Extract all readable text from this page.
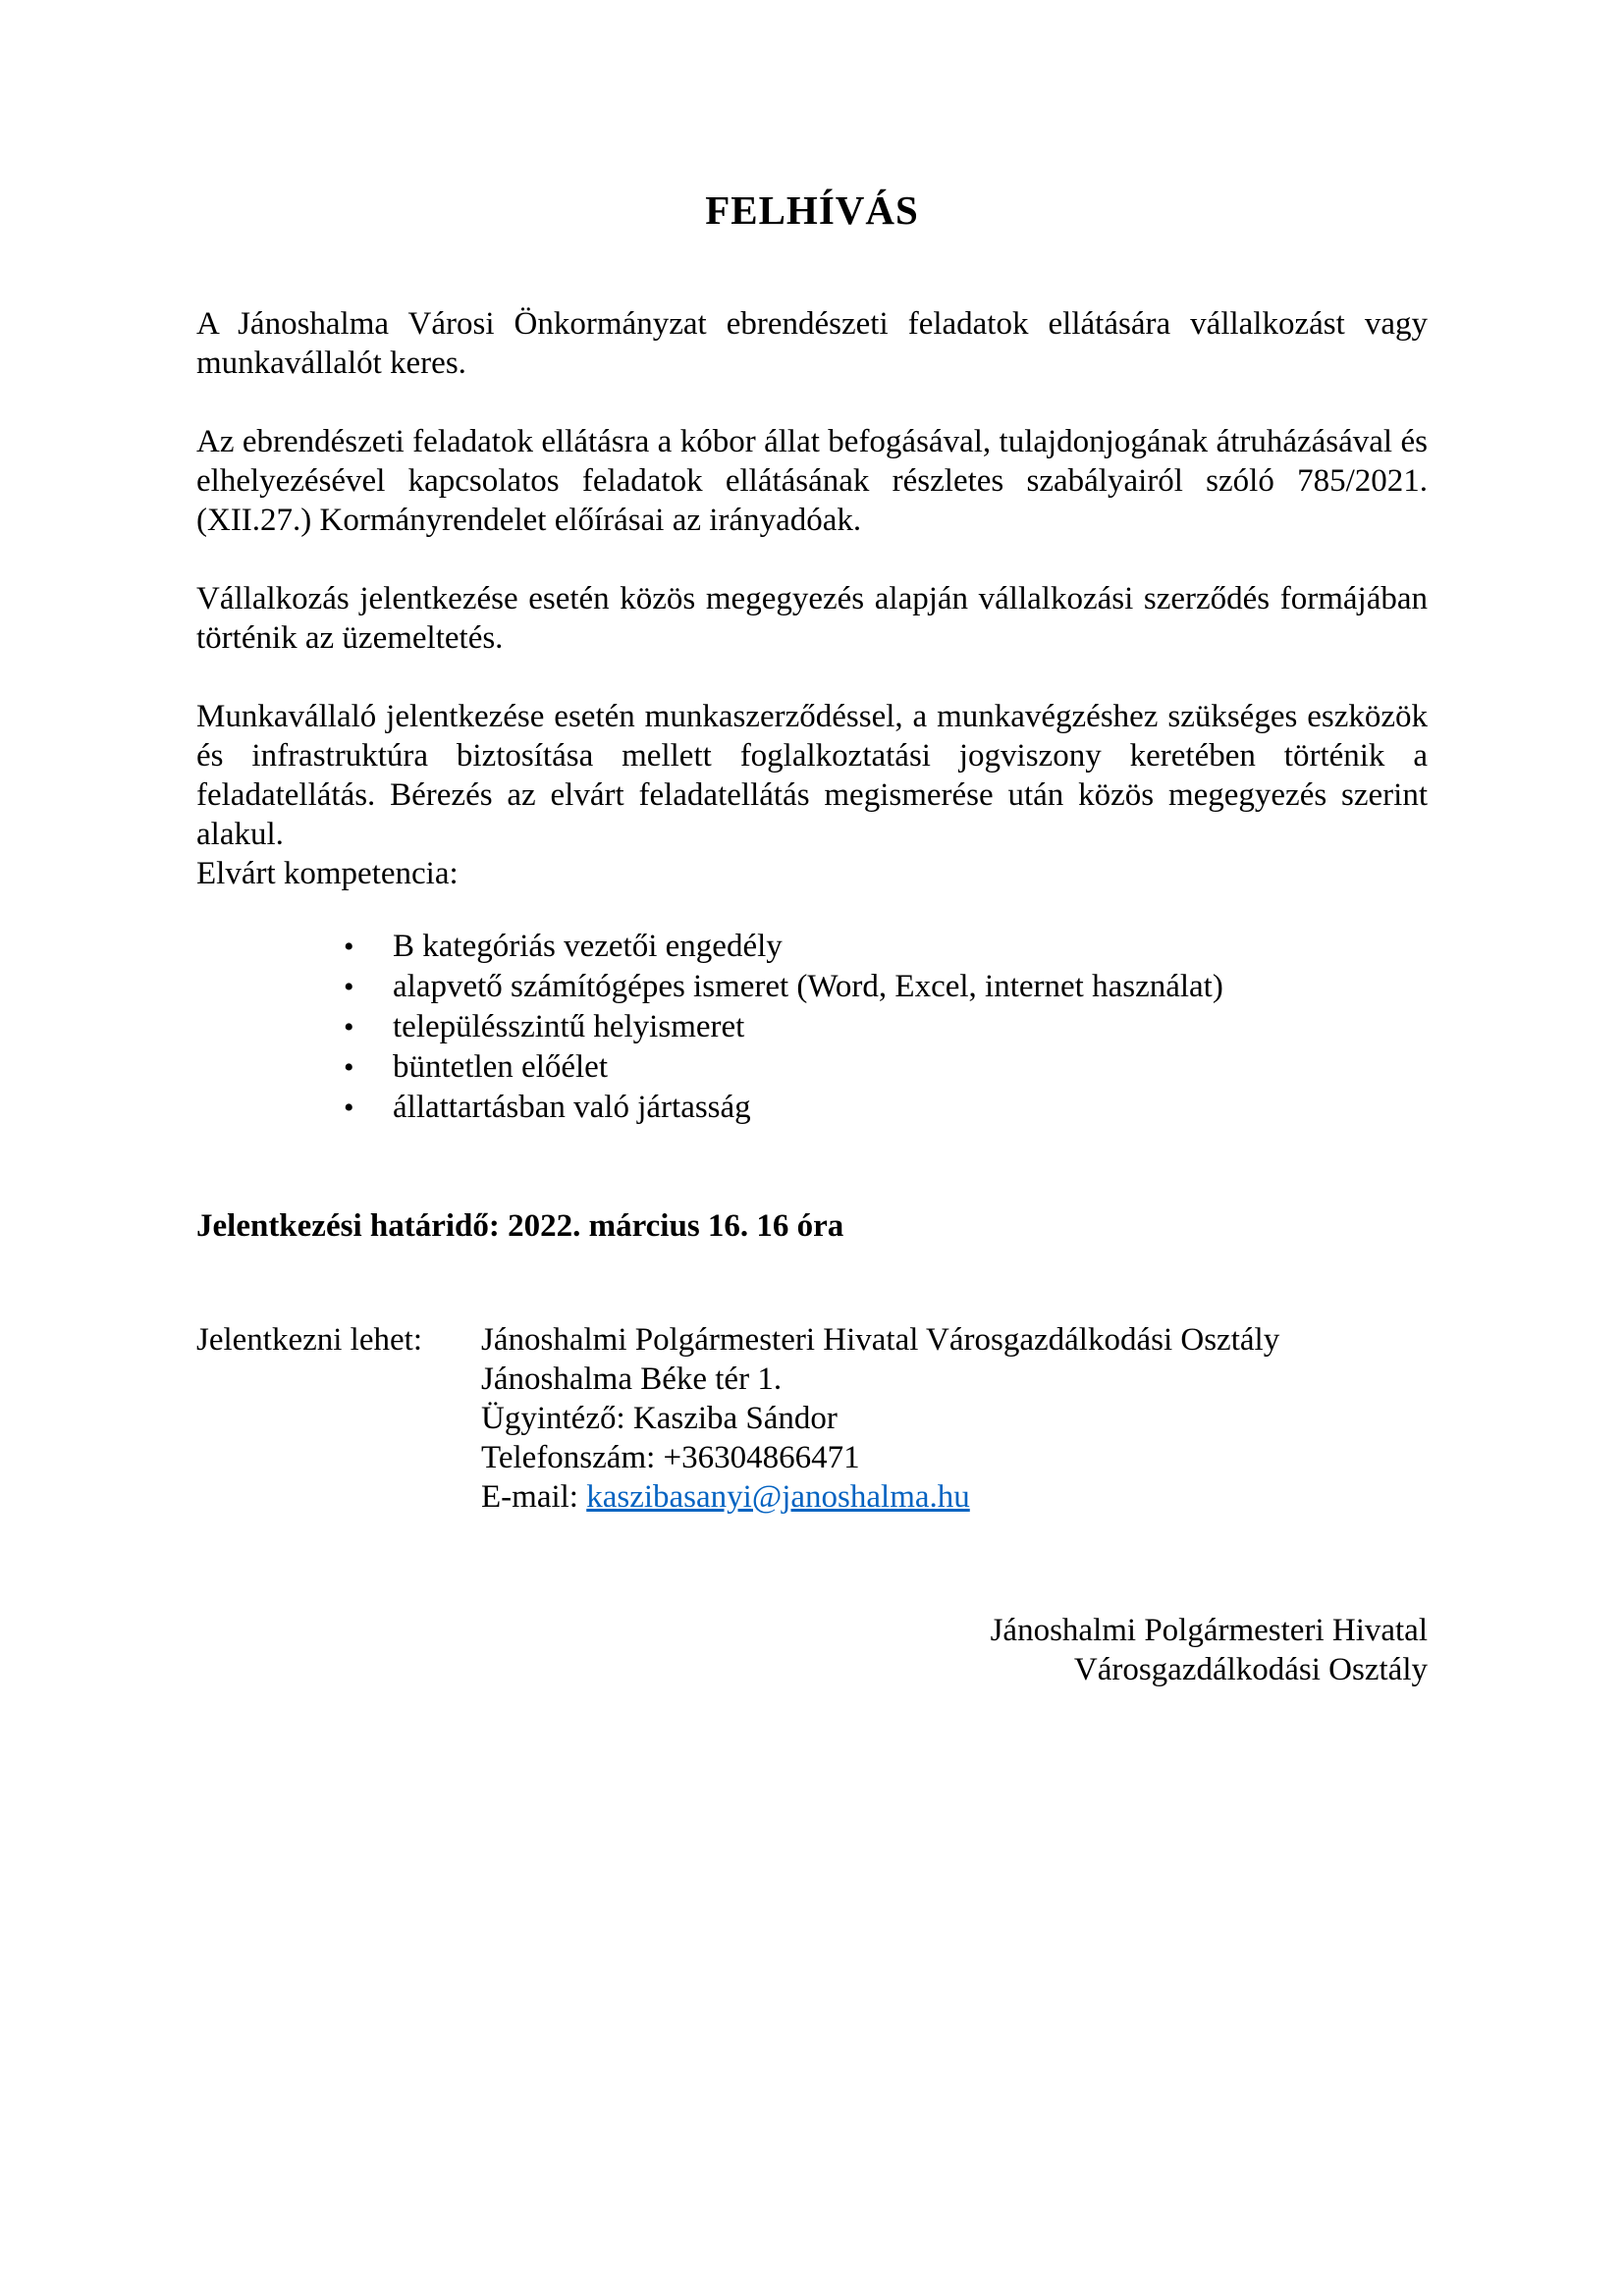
FELHÍVÁS

A Jánoshalma Városi Önkormányzat ebrendészeti feladatok ellátására vállalkozást vagy munkavállalót keres.

Az ebrendészeti feladatok ellátásra a kóbor állat befogásával, tulajdonjogának átruházásával és elhelyezésével kapcsolatos feladatok ellátásának részletes szabályairól szóló 785/2021. (XII.27.) Kormányrendelet előírásai az irányadóak.

Vállalkozás jelentkezése esetén közös megegyezés alapján vállalkozási szerződés formájában történik az üzemeltetés.

Munkavállaló jelentkezése esetén munkaszerződéssel, a munkavégzéshez szükséges eszközök és infrastruktúra biztosítása mellett foglalkoztatási jogviszony keretében történik a feladatellátás. Bérezés az elvárt feladatellátás megismerése után közös megegyezés szerint alakul.

Elvárt kompetencia:

•	B kategóriás vezetői engedély
•	alapvető számítógépes ismeret (Word, Excel, internet használat)
•	településszintű helyismeret
•	büntetlen előélet
•	állattartásban való jártasság

Jelentkezési határidő: 2022. március 16. 16 óra

Jelentkezni lehet:	Jánoshalmi Polgármesteri Hivatal Városgazdálkodási Osztály
Jánoshalma Béke tér 1.
Ügyintéző: Kasziba Sándor
Telefonszám: +36304866471
E-mail: kaszibasanyi@janoshalma.hu
Jánoshalmi Polgármesteri Hivatal
Városgazdálkodási Osztály
